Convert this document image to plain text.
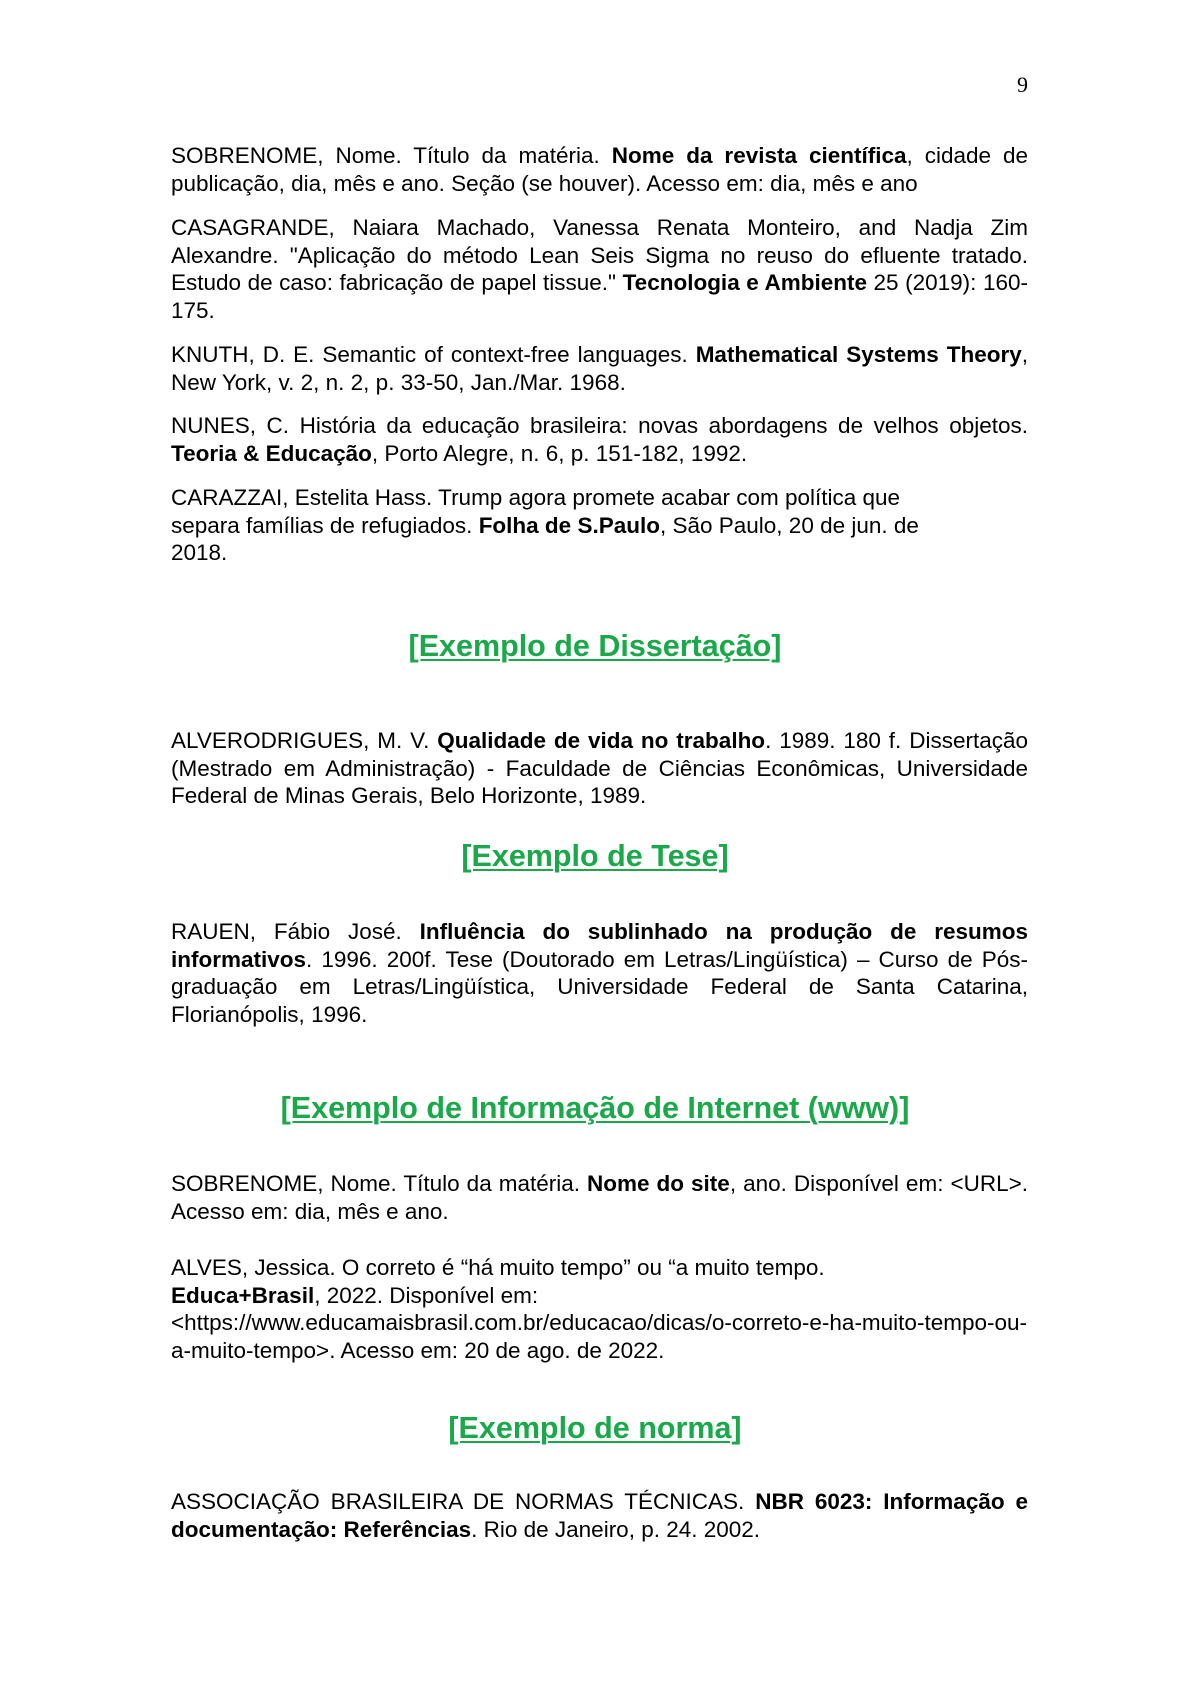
9

SOBRENOME, Nome. Título da matéria. Nome da revista científica, cidade de publicação, dia, mês e ano. Seção (se houver). Acesso em: dia, mês e ano

CASAGRANDE, Naiara Machado, Vanessa Renata Monteiro, and Nadja Zim Alexandre. "Aplicação do método Lean Seis Sigma no reuso do efluente tratado. Estudo de caso: fabricação de papel tissue." Tecnologia e Ambiente 25 (2019): 160-175.

KNUTH, D. E. Semantic of context-free languages. Mathematical Systems Theory, New York, v. 2, n. 2, p. 33-50, Jan./Mar. 1968.

NUNES, C. História da educação brasileira: novas abordagens de velhos objetos. Teoria & Educação, Porto Alegre, n. 6, p. 151-182, 1992.

CARAZZAI, Estelita Hass. Trump agora promete acabar com política que separa famílias de refugiados. Folha de S.Paulo, São Paulo, 20 de jun. de 2018.

[Exemplo de Dissertação]

ALVERODRIGUES, M. V. Qualidade de vida no trabalho. 1989. 180 f. Dissertação (Mestrado em Administração) - Faculdade de Ciências Econômicas, Universidade Federal de Minas Gerais, Belo Horizonte, 1989.

[Exemplo de Tese]

RAUEN, Fábio José. Influência do sublinhado na produção de resumos informativos. 1996. 200f. Tese (Doutorado em Letras/Lingüística) – Curso de Pós-graduação em Letras/Lingüística, Universidade Federal de Santa Catarina, Florianópolis, 1996.

[Exemplo de Informação de Internet (www)]

SOBRENOME, Nome. Título da matéria. Nome do site, ano. Disponível em: <URL>. Acesso em: dia, mês e ano.

ALVES, Jessica. O correto é “há muito tempo” ou “a muito tempo.
Educa+Brasil, 2022. Disponível em:
<https://www.educamaisbrasil.com.br/educacao/dicas/o-correto-e-ha-muito-tempo-ou-a-muito-tempo>. Acesso em: 20 de ago. de 2022.

[Exemplo de norma]

ASSOCIAÇÃO BRASILEIRA DE NORMAS TÉCNICAS. NBR 6023: Informação e documentação: Referências. Rio de Janeiro, p. 24. 2002.
